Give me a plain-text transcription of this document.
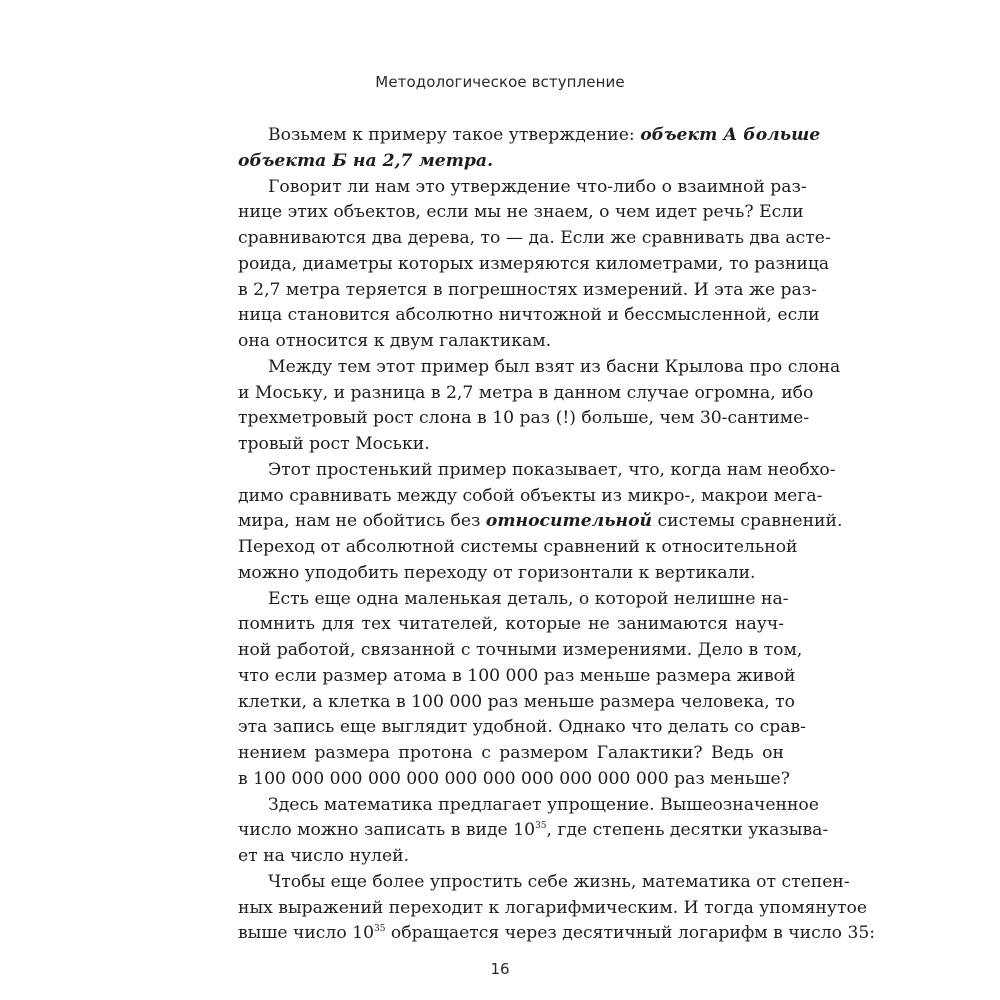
Методологическое вступление
Возьмем к примеру такое утверждение: объект А больше
объекта Б на 2,7 метра.
Говорит ли нам это утверждение что-либо о взаимной раз-
нице этих объектов, если мы не знаем, о чем идет речь? Если
сравниваются два дерева, то — да. Если же сравнивать два асте-
роида, диаметры которых измеряются километрами, то разница
в 2,7 метра теряется в погрешностях измерений. И эта же раз-
ница становится абсолютно ничтожной и бессмысленной, если
она относится к двум галактикам.
Между тем этот пример был взят из басни Крылова про слона
и Моську, и разница в 2,7 метра в данном случае огромна, ибо
трехметровый рост слона в 10 раз (!) больше, чем 30-сантиме-
тровый рост Моськи.
Этот простенький пример показывает, что, когда нам необхо-
димо сравнивать между собой объекты из микро-, макрои мега-
мира, нам не обойтись без относительной системы сравнений.
Переход от абсолютной системы сравнений к относительной
можно уподобить переходу от горизонтали к вертикали.
Есть еще одна маленькая деталь, о которой нелишне на-
помнить для тех читателей, которые не занимаются науч-
ной работой, связанной с точными измерениями. Дело в том,
что если размер атома в 100 000 раз меньше размера живой
клетки, а клетка в 100 000 раз меньше размера человека, то
эта запись еще выглядит удобной. Однако что делать со срав-
нением размера протона с размером Галактики? Ведь он
в 100 000 000 000 000 000 000 000 000 000 000 раз меньше?
Здесь математика предлагает упрощение. Вышеозначенное
число можно записать в виде $10^{35}$, где степень десятки указыва-
ет на число нулей.
Чтобы еще более упростить себе жизнь, математика от степен-
ных выражений переходит к логарифмическим. И тогда упомянутое
выше число $10^{35}$ обращается через десятичный логарифм в число 35:
16
